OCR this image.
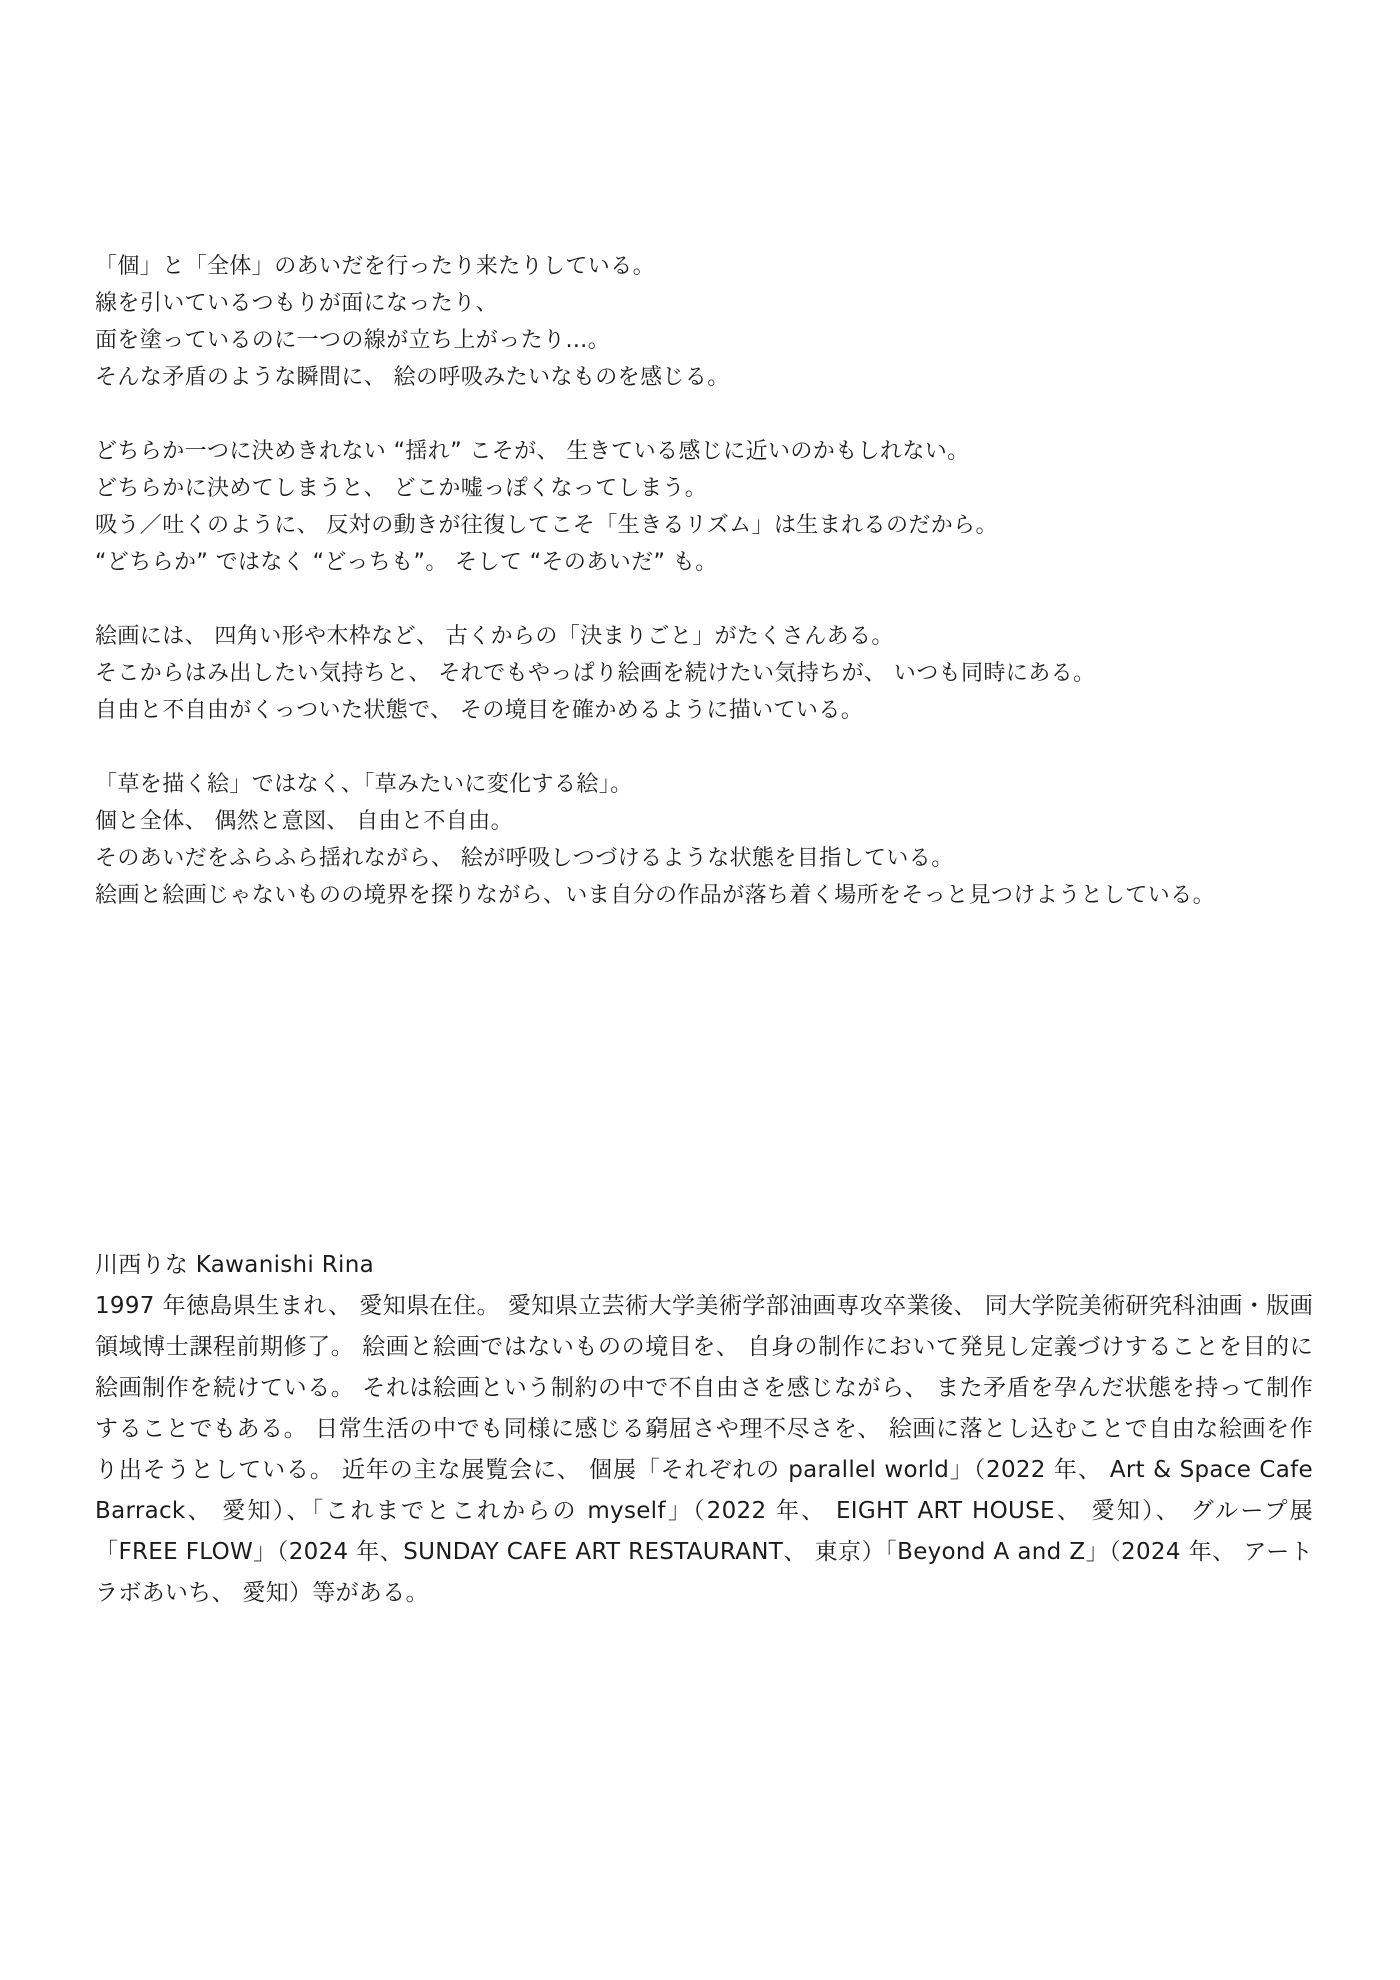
「個」と「全体」のあいだを行ったり来たりしている。
線を引いているつもりが面になったり、
面を塗っているのに一つの線が立ち上がったり…。
そんな矛盾のような瞬間に、 絵の呼吸みたいなものを感じる。

どちらか一つに決めきれない “揺れ” こそが、 生きている感じに近いのかもしれない。
どちらかに決めてしまうと、 どこか嘘っぽくなってしまう。
吸う／吐くのように、 反対の動きが往復してこそ「生きるリズム」は生まれるのだから。
“どちらか” ではなく “どっちも”。 そして “そのあいだ” も。

絵画には、 四角い形や木枠など、 古くからの「決まりごと」がたくさんある。
そこからはみ出したい気持ちと、 それでもやっぱり絵画を続けたい気持ちが、 いつも同時にある。
自由と不自由がくっついた状態で、 その境目を確かめるように描いている。

「草を描く絵」ではなく、「草みたいに変化する絵」。
個と全体、 偶然と意図、 自由と不自由。
そのあいだをふらふら揺れながら、 絵が呼吸しつづけるような状態を目指している。
絵画と絵画じゃないものの境界を探りながら、いま自分の作品が落ち着く場所をそっと見つけようとしている。

川西りな Kawanishi Rina

1997 年徳島県生まれ、 愛知県在住。 愛知県立芸術大学美術学部油画専攻卒業後、 同大学院美術研究科油画・版画領域博士課程前期修了。 絵画と絵画ではないものの境目を、 自身の制作において発見し定義づけすることを目的に絵画制作を続けている。 それは絵画という制約の中で不自由さを感じながら、 また矛盾を孕んだ状態を持って制作することでもある。 日常生活の中でも同様に感じる窮屈さや理不尽さを、 絵画に落とし込むことで自由な絵画を作り出そうとしている。 近年の主な展覧会に、 個展「それぞれの parallel world」（2022 年、 Art & Space Cafe Barrack、 愛知）、「これまでとこれからの myself」（2022 年、 EIGHT ART HOUSE、 愛知）、 グループ展「FREE FLOW」（2024 年、SUNDAY CAFE ART RESTAURANT、 東京）「Beyond A and Z」（2024 年、 アートラボあいち、 愛知）等がある。
